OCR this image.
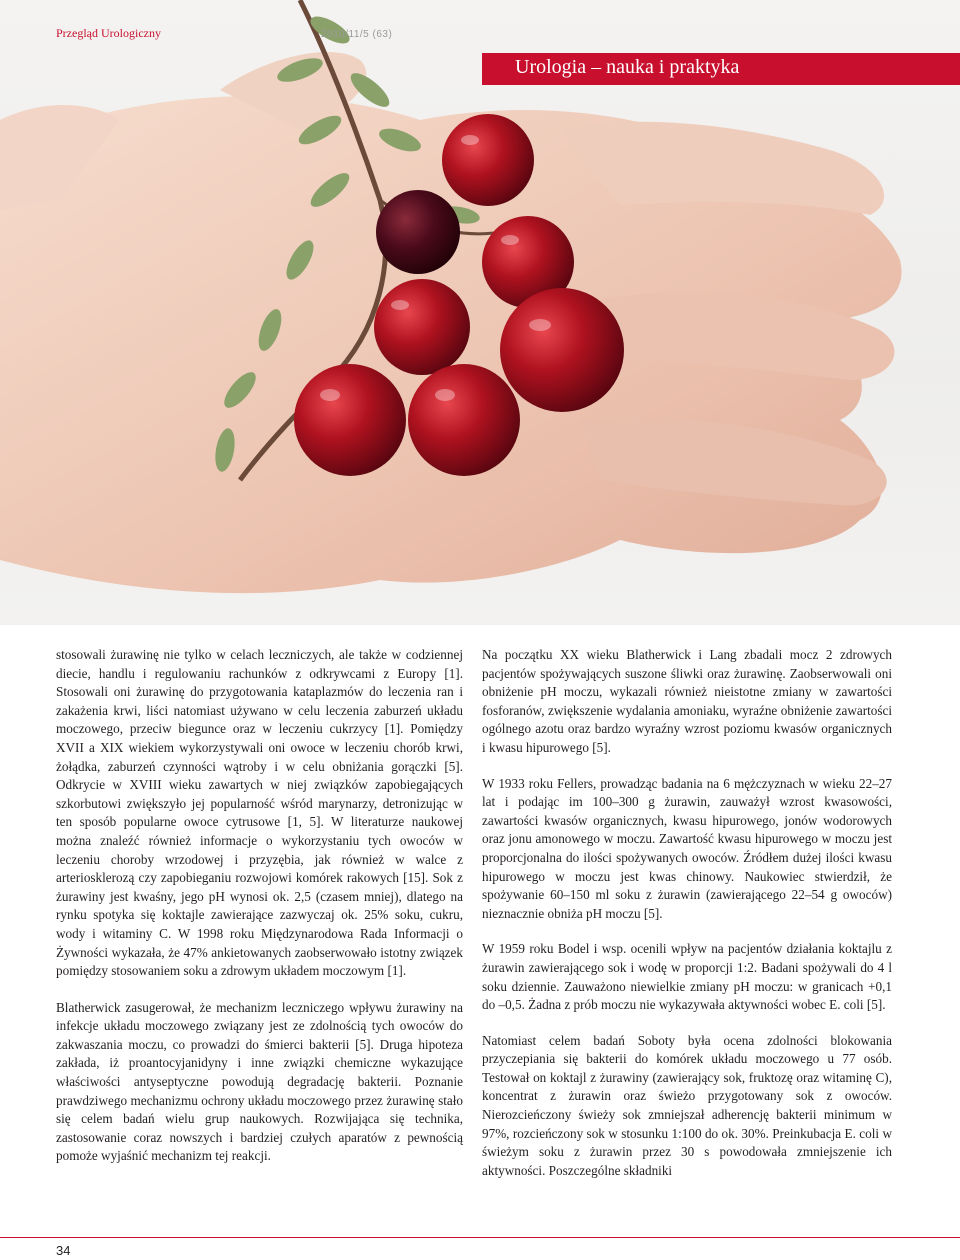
Przegląd Urologiczny	2010/11/5 (63)
Urologia – nauka i praktyka

stosowali żurawinę nie tylko w celach leczniczych, ale także w codziennej diecie, handlu i regulowaniu rachunków z odkrywcami z Europy [1]. Stosowali oni żurawinę do przygotowania kataplazmów do leczenia ran i zakażenia krwi, liści natomiast używano w celu leczenia zaburzeń układu moczowego, przeciw biegunce oraz w leczeniu cukrzycy [1]. Pomiędzy XVII a XIX wiekiem wykorzystywali oni owoce w leczeniu chorób krwi, żołądka, zaburzeń czynności wątroby i w celu obniżania gorączki [5]. Odkrycie w XVIII wieku zawartych w niej związków zapobiegających szkorbutowi zwiększyło jej popularność wśród marynarzy, detronizując w ten sposób popularne owoce cytrusowe [1, 5]. W literaturze naukowej można znaleźć również informacje o wykorzystaniu tych owoców w leczeniu choroby wrzodowej i przyzębia, jak również w walce z arteriosklerozą czy zapobieganiu rozwojowi komórek rakowych [15]. Sok z żurawiny jest kwaśny, jego pH wynosi ok. 2,5 (czasem mniej), dlatego na rynku spotyka się koktajle zawierające zazwyczaj ok. 25% soku, cukru, wody i witaminy C. W 1998 roku Międzynarodowa Rada Informacji o Żywności wykazała, że 47% ankietowanych zaobserwowało istotny związek pomiędzy stosowaniem soku a zdrowym układem moczowym [1].

Blatherwick zasugerował, że mechanizm leczniczego wpływu żurawiny na infekcje układu moczowego związany jest ze zdolnością tych owoców do zakwaszania moczu, co prowadzi do śmierci bakterii [5]. Druga hipoteza zakłada, iż proantocyjanidyny i inne związki chemiczne wykazujące właściwości antyseptyczne powodują degradację bakterii. Poznanie prawdziwego mechanizmu ochrony układu moczowego przez żurawinę stało się celem badań wielu grup naukowych. Rozwijająca się technika, zastosowanie coraz nowszych i bardziej czułych aparatów z pewnością pomoże wyjaśnić mechanizm tej reakcji.

Na początku XX wieku Blatherwick i Lang zbadali mocz 2 zdrowych pacjentów spożywających suszone śliwki oraz żurawinę. Zaobserwowali oni obniżenie pH moczu, wykazali również nieistotne zmiany w zawartości fosforanów, zwiększenie wydalania amoniaku, wyraźne obniżenie zawartości ogólnego azotu oraz bardzo wyraźny wzrost poziomu kwasów organicznych i kwasu hipurowego [5].

W 1933 roku Fellers, prowadząc badania na 6 mężczyznach w wieku 22–27 lat i podając im 100–300 g żurawin, zauważył wzrost kwasowości, zawartości kwasów organicznych, kwasu hipurowego, jonów wodorowych oraz jonu amonowego w moczu. Zawartość kwasu hipurowego w moczu jest proporcjonalna do ilości spożywanych owoców. Źródłem dużej ilości kwasu hipurowego w moczu jest kwas chinowy. Naukowiec stwierdził, że spożywanie 60–150 ml soku z żurawin (zawierającego 22–54 g owoców) nieznacznie obniża pH moczu [5].

W 1959 roku Bodel i wsp. ocenili wpływ na pacjentów działania koktajlu z żurawin zawierającego sok i wodę w proporcji 1:2. Badani spożywali do 4 l soku dziennie. Zauważono niewielkie zmiany pH moczu: w granicach +0,1 do –0,5. Żadna z prób moczu nie wykazywała aktywności wobec E. coli [5].

Natomiast celem badań Soboty była ocena zdolności blokowania przyczepiania się bakterii do komórek układu moczowego u 77 osób. Testował on koktajl z żurawiny (zawierający sok, fruktozę oraz witaminę C), koncentrat z żurawin oraz świeżo przygotowany sok z owoców. Nierozcieńczony świeży sok zmniejszał adherencję bakterii minimum w 97%, rozcieńczony sok w stosunku 1:100 do ok. 30%. Preinkubacja E. coli w świeżym soku z żurawin przez 30 s powodowała zmniejszenie ich aktywności. Poszczególne składniki

34
